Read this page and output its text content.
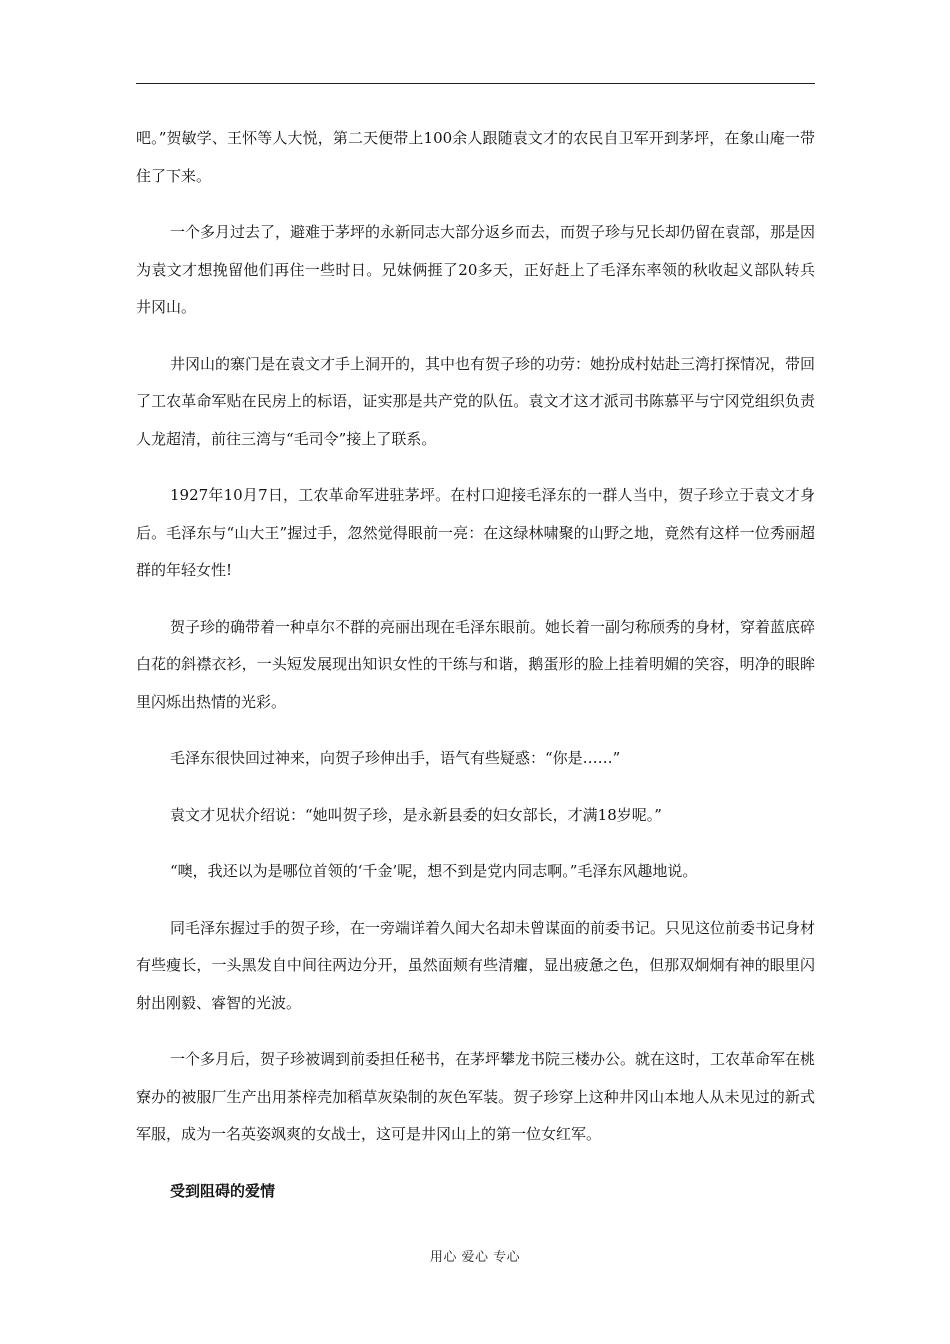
吧。”贺敏学、王怀等人大悦，第二天便带上100余人跟随袁文才的农民自卫军开到茅坪，在象山庵一带住了下来。

一个多月过去了，避难于茅坪的永新同志大部分返乡而去，而贺子珍与兄长却仍留在袁部，那是因为袁文才想挽留他们再住一些时日。兄妹俩捱了20多天，正好赶上了毛泽东率领的秋收起义部队转兵井冈山。

井冈山的寨门是在袁文才手上洞开的，其中也有贺子珍的功劳：她扮成村姑赴三湾打探情况，带回了工农革命军贴在民房上的标语，证实那是共产党的队伍。袁文才这才派司书陈慕平与宁冈党组织负责人龙超清，前往三湾与“毛司令”接上了联系。

1927年10月7日，工农革命军进驻茅坪。在村口迎接毛泽东的一群人当中，贺子珍立于袁文才身后。毛泽东与“山大王”握过手，忽然觉得眼前一亮：在这绿林啸聚的山野之地，竟然有这样一位秀丽超群的年轻女性!

贺子珍的确带着一种卓尔不群的亮丽出现在毛泽东眼前。她长着一副匀称颀秀的身材，穿着蓝底碎白花的斜襟衣衫，一头短发展现出知识女性的干练与和谐，鹅蛋形的脸上挂着明媚的笑容，明净的眼眸里闪烁出热情的光彩。

毛泽东很快回过神来，向贺子珍伸出手，语气有些疑惑：“你是……”

袁文才见状介绍说：“她叫贺子珍，是永新县委的妇女部长，才满18岁呢。”

“噢，我还以为是哪位首领的‘千金’呢，想不到是党内同志啊。”毛泽东风趣地说。

同毛泽东握过手的贺子珍，在一旁端详着久闻大名却未曾谋面的前委书记。只见这位前委书记身材有些瘦长，一头黑发自中间往两边分开，虽然面颊有些清癯，显出疲惫之色，但那双炯炯有神的眼里闪射出刚毅、睿智的光波。

一个多月后，贺子珍被调到前委担任秘书，在茅坪攀龙书院三楼办公。就在这时，工农革命军在桃寮办的被服厂生产出用茶梓壳加稻草灰染制的灰色军装。贺子珍穿上这种井冈山本地人从未见过的新式军服，成为一名英姿飒爽的女战士，这可是井冈山上的第一位女红军。

受到阻碍的爱情
用心 爱心 专心
